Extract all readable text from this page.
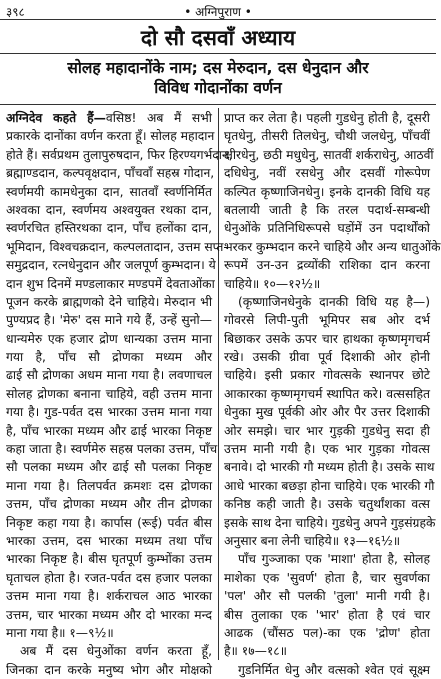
३९८	• अग्निपुराण •
दो सौ दसवाँ अध्याय
सोलह महादानोंके नाम; दस मेरुदान, दस धेनुदान और
विविध गोदानोंका वर्णन
अग्निदेव कहते हैं—वसिष्ठ! अब मैं सभी
प्रकारके दानोंका वर्णन करता हूँ। सोलह महादान
होते हैं। सर्वप्रथम तुलापुरुषदान, फिर हिरण्यगर्भदान,
ब्रह्माण्डदान, कल्पवृक्षदान, पाँचवाँ सहस्र गोदान,
स्वर्णमयी कामधेनुका दान, सातवाँ स्वर्णनिर्मित
अश्वका दान, स्वर्णमय अश्वयुक्त रथका दान,
स्वर्णरचित हस्तिरथका दान, पाँच हलोंका दान,
भूमिदान, विश्वचक्रदान, कल्पलतादान, उत्तम सप्त-
समुद्रदान, रत्नधेनुदान और जलपूर्ण कुम्भदान। ये
दान शुभ दिनमें मण्डलाकार मण्डपमें देवताओंका
पूजन करके ब्राह्मणको देने चाहिये। मेरुदान भी
पुण्यप्रद है। 'मेरु' दस माने गये हैं, उन्हें सुनो—
धान्यमेरु एक हजार द्रोण धान्यका उत्तम माना
गया है, पाँच सौ द्रोणका मध्यम और
ढाई सौ द्रोणका अधम माना गया है। लवणाचल
सोलह द्रोणका बनाना चाहिये, वही उत्तम माना
गया है। गुड-पर्वत दस भारका उत्तम माना गया
है, पाँच भारका मध्यम और ढाई भारका निकृष्ट
कहा जाता है। स्वर्णमेरु सहस्र पलका उत्तम, पाँच
सौ पलका मध्यम और ढाई सौ पलका निकृष्ट
माना गया है। तिलपर्वत क्रमशः दस द्रोणका
उत्तम, पाँच द्रोणका मध्यम और तीन द्रोणका
निकृष्ट कहा गया है। कार्पास (रूई) पर्वत बीस
भारका उत्तम, दस भारका मध्यम तथा पाँच
भारका निकृष्ट है। बीस घृतपूर्ण कुम्भोंका उत्तम
घृताचल होता है। रजत-पर्वत दस हजार पलका
उत्तम माना गया है। शर्कराचल आठ भारका
उत्तम, चार भारका मध्यम और दो भारका मन्द
माना गया है॥ १—९½॥
अब मैं दस धेनुओंका वर्णन करता हूँ,
जिनका दान करके मनुष्य भोग और मोक्षको
प्राप्त कर लेता है। पहली गुडधेनु होती है, दूसरी
घृतधेनु, तीसरी तिलधेनु, चौथी जलधेनु, पाँचवीं
क्षीरधेनु, छठी मधुधेनु, सातवीं शर्कराधेनु, आठवीं
दधिधेनु, नवीं रसधेनु और दसवीं गोरूपेण
कल्पित कृष्णाजिनधेनु। इनके दानकी विधि यह
बतलायी जाती है कि तरल पदार्थ-सम्बन्धी
धेनुओंके प्रतिनिधिरूपसे घड़ोंमें उन पदार्थोंको
भरकर कुम्भदान करने चाहिये और अन्य धातुओंके
रूपमें उन-उन द्रव्योंकी राशिका दान करना
चाहिये॥ १०—१२½॥
(कृष्णाजिनधेनुके दानकी विधि यह है—)
गोवरसे लिपी-पुती भूमिपर सब ओर दर्भ
बिछाकर उसके ऊपर चार हाथका कृष्णमृगचर्म
रखे। उसकी ग्रीवा पूर्व दिशाकी ओर होनी
चाहिये। इसी प्रकार गोवत्सके स्थानपर छोटे
आकारका कृष्णमृगचर्म स्थापित करे। वत्ससहित
धेनुका मुख पूर्वकी ओर और पैर उत्तर दिशाकी
ओर समझे। चार भार गुड़की गुडधेनु सदा ही
उत्तम मानी गयी है। एक भार गुड़का गोवत्स
बनावे। दो भारकी गौ मध्यम होती है। उसके साथ
आधे भारका बछड़ा होना चाहिये। एक भारकी गौ
कनिष्ठ कही जाती है। उसके चतुर्थांशका वत्स
इसके साथ देना चाहिये। गुडधेनु अपने गुड़संग्रहके
अनुसार बना लेनी चाहिये॥ १३—१६½॥
पाँच गुञ्जाका एक 'माशा' होता है, सोलह
माशेका एक 'सुवर्ण' होता है, चार सुवर्णका
'पल' और सौ पलकी 'तुला' मानी गयी है।
बीस तुलाका एक 'भार' होता है एवं चार
आढक (चौंसठ पल)-का एक 'द्रोण' होता
है॥ १७—१८॥
गुडनिर्मित धेनु और वत्सको श्वेत एवं सूक्ष्म
